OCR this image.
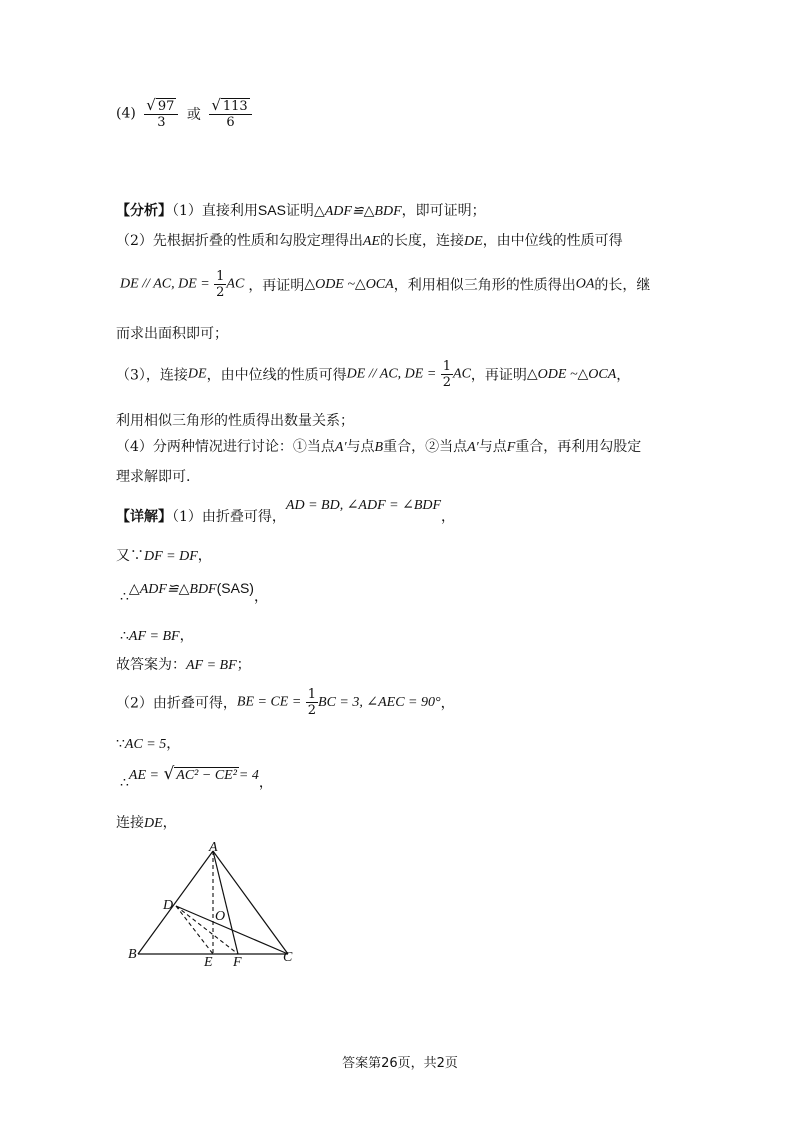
$(4) \frac{√ 97}{3}$ 或 $\frac{√ 113}{6}$
【分析】（1）直接利用SAS证明△ADF≌△BDF，即可证明；
（2）先根据折叠的性质和勾股定理得出AE的长度，连接DE，由中位线的性质可得
DE // AC, DE = $\frac{1}{2}$ AC ，再证明△ODE ~△OCA，利用相似三角形的性质得出OA的长，继
而求出面积即可；
（3），连接DE，由中位线的性质可得DE // AC, DE = $\frac{1}{2}$ AC，再证明△ODE ~△OCA，
利用相似三角形的性质得出数量关系；
（4）分两种情况进行讨论：①当点A′与点B重合，②当点A′与点F重合，再利用勾股定
理求解即可.
【详解】（1）由折叠可得，AD = BD, ∠ADF = ∠BDF，
又∵DF = DF，
∴△ADF≌△BDF(SAS)，
∴AF = BF，
故答案为：AF = BF；
（2）由折叠可得，BE = CE = $\frac{1}{2}$ BC = 3, ∠AEC = 90°，
∵AC = 5，
∴AE = √ AC² − CE² = 4，
连接DE，
A
B	C
D
E F
O
答案第26页，共2页
